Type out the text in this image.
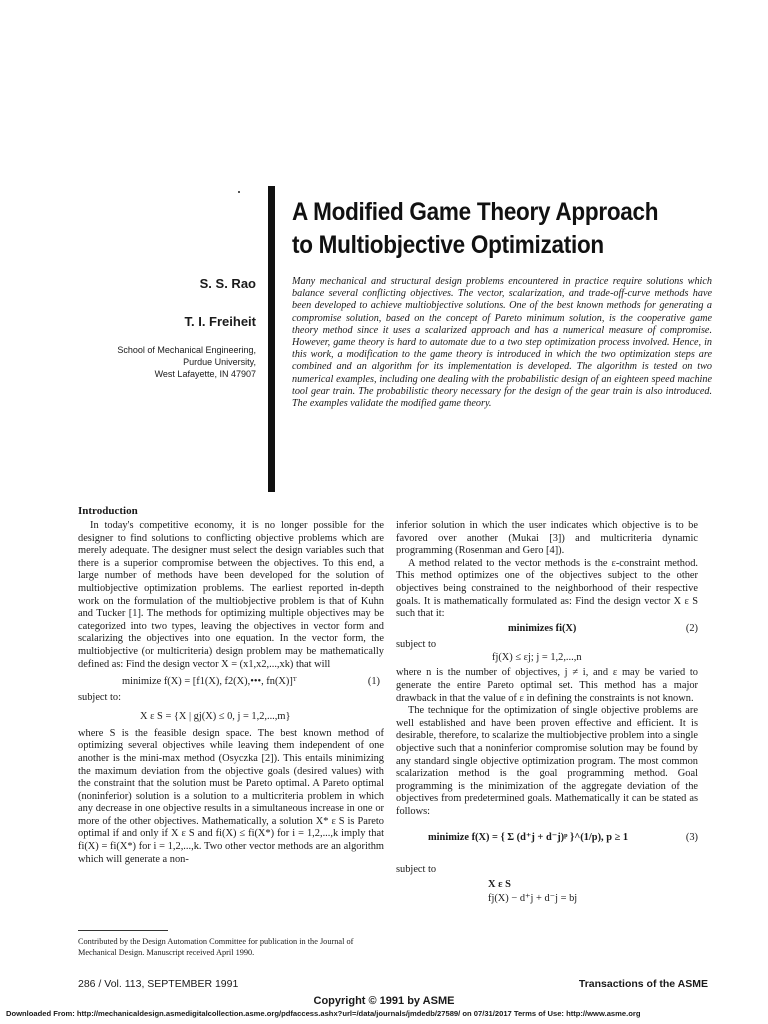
A Modified Game Theory Approach
to Multiobjective Optimization
S. S. Rao
T. I. Freiheit
School of Mechanical Engineering,
Purdue University,
West Lafayette, IN 47907
Many mechanical and structural design problems encountered in practice require solutions which balance several conflicting objectives. The vector, scalarization, and trade-off-curve methods have been developed to achieve multiobjective solutions. One of the best known methods for generating a compromise solution, based on the concept of Pareto minimum solution, is the cooperative game theory method since it uses a scalarized approach and has a numerical measure of compromise. However, game theory is hard to automate due to a two step optimization process involved. Hence, in this work, a modification to the game theory is introduced in which the two optimization steps are combined and an algorithm for its implementation is developed. The algorithm is tested on two numerical examples, including one dealing with the probabilistic design of an eighteen speed machine tool gear train. The probabilistic theory necessary for the design of the gear train is also introduced. The examples validate the modified game theory.
Introduction

In today's competitive economy, it is no longer possible for the designer to find solutions to conflicting objective problems which are merely adequate. The designer must select the design variables such that there is a superior compromise between the objectives. To this end, a large number of methods have been developed for the solution of multiobjective optimization problems. The earliest reported in-depth work on the formulation of the multiobjective problem is that of Kuhn and Tucker [1]. The methods for optimizing multiple objectives may be categorized into two types, leaving the objectives in vector form and scalarizing the objectives into one equation. In the vector form, the multiobjective (or multicriteria) design problem may be mathematically defined as: Find the design vector X = (x1,x2,...,xk) that will

minimize f(X) = [f1(X), f2(X),•••, fn(X)]ᵀ	(1)

subject to:

X ε S = {X | gj(X) ≤ 0, j = 1,2,...,m}

where S is the feasible design space. The best known method of optimizing several objectives while leaving them independent of one another is the mini-max method (Osyczka [2]). This entails minimizing the maximum deviation from the objective goals (desired values) with the constraint that the solution must be Pareto optimal. A Pareto optimal (noninferior) solution is a solution to a multicriteria problem in which any decrease in one objective results in a simultaneous increase in one or more of the other objectives. Mathematically, a solution X* ε S is Pareto optimal if and only if X ε S and fi(X) ≤ fi(X*) for i = 1,2,...,k imply that fi(X) = fi(X*) for i = 1,2,...,k. Two other vector methods are an algorithm which will generate a non-

inferior solution in which the user indicates which objective is to be favored over another (Mukai [3]) and multicriteria dynamic programming (Rosenman and Gero [4]).

A method related to the vector methods is the ε-constraint method. This method optimizes one of the objectives subject to the other objectives being constrained to the neighborhood of their respective goals. It is mathematically formulated as: Find the design vector X ε S such that it:

minimizes fi(X)	(2)

subject to

fj(X) ≤ εj; j = 1,2,...,n

where n is the number of objectives, j ≠ i, and ε may be varied to generate the entire Pareto optimal set. This method has a major drawback in that the value of ε in defining the constraints is not known.

The technique for the optimization of single objective problems are well established and have been proven effective and efficient. It is desirable, therefore, to scalarize the multiobjective problem into a single objective such that a noninferior compromise solution may be found by any standard single objective optimization program. The most common scalarization method is the goal programming method. Goal programming is the minimization of the aggregate deviation of the objectives from predetermined goals. Mathematically it can be stated as follows:

minimize f(X) = { Σ (d⁺j + d⁻j)ᵖ }^(1/p), p ≥ 1	(3)

subject to

X ε S
fj(X) − d⁺j + d⁻j = bj
Contributed by the Design Automation Committee for publication in the Journal of Mechanical Design. Manuscript received April 1990.
286 / Vol. 113, SEPTEMBER 1991	Transactions of the ASME
Copyright © 1991 by ASME
Downloaded From: http://mechanicaldesign.asmedigitalcollection.asme.org/pdfaccess.ashx?url=/data/journals/jmdedb/27589/ on 07/31/2017 Terms of Use: http://www.asme.org
